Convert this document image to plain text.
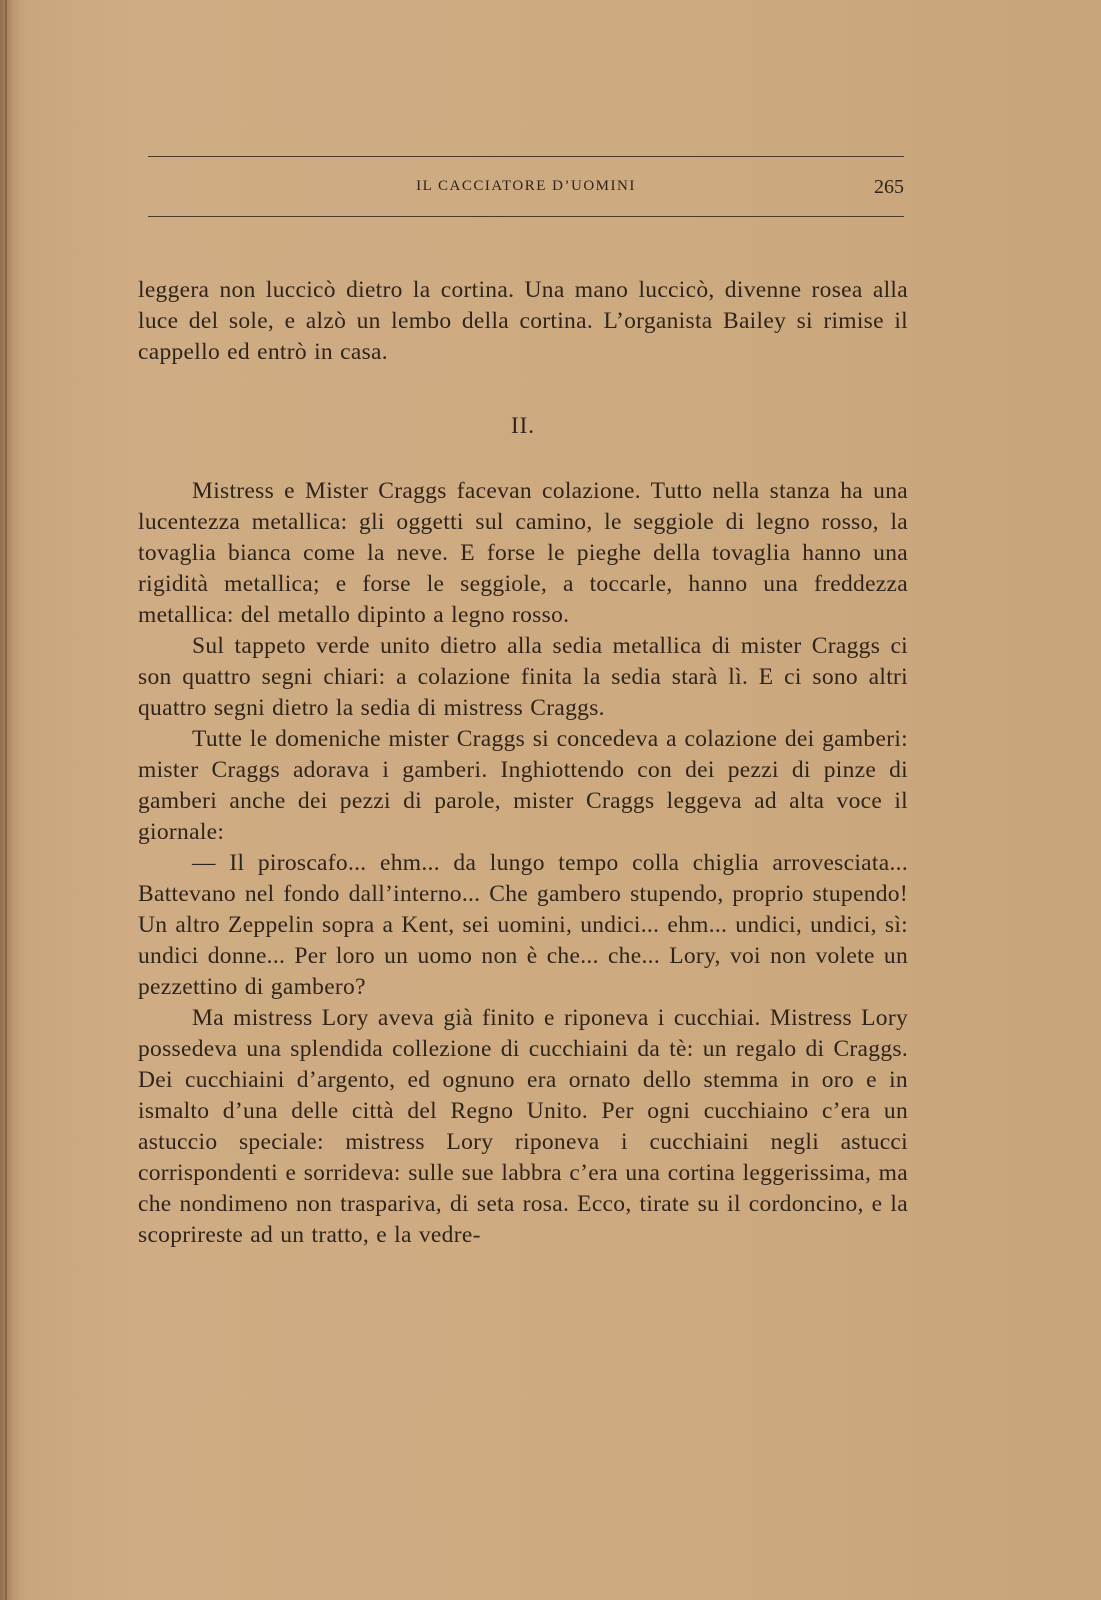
IL CACCIATORE D’UOMINI	265

leggera non luccicò dietro la cortina. Una mano luccicò, divenne rosea alla luce del sole, e alzò un lembo della cortina. L’organista Bailey si rimise il cappello ed entrò in casa.

II.

Mistress e Mister Craggs facevan colazione. Tutto nella stanza ha una lucentezza metallica: gli oggetti sul camino, le seggiole di legno rosso, la tovaglia bianca come la neve. E forse le pieghe della tovaglia hanno una rigidità metallica; e forse le seggiole, a toccarle, hanno una freddezza metallica: del metallo dipinto a legno rosso.

Sul tappeto verde unito dietro alla sedia metallica di mister Craggs ci son quattro segni chiari: a colazione finita la sedia starà lì. E ci sono altri quattro segni dietro la sedia di mistress Craggs.

Tutte le domeniche mister Craggs si concedeva a colazione dei gamberi: mister Craggs adorava i gamberi. Inghiottendo con dei pezzi di pinze di gamberi anche dei pezzi di parole, mister Craggs leggeva ad alta voce il giornale:

— Il piroscafo... ehm... da lungo tempo colla chiglia arrovesciata... Battevano nel fondo dall’interno... Che gambero stupendo, proprio stupendo! Un altro Zeppelin sopra a Kent, sei uomini, undici... ehm... undici, undici, sì: undici donne... Per loro un uomo non è che... che... Lory, voi non volete un pezzettino di gambero?

Ma mistress Lory aveva già finito e riponeva i cucchiai. Mistress Lory possedeva una splendida collezione di cucchiaini da tè: un regalo di Craggs. Dei cucchiaini d’argento, ed ognuno era ornato dello stemma in oro e in ismalto d’una delle città del Regno Unito. Per ogni cucchiaino c’era un astuccio speciale: mistress Lory riponeva i cucchiaini negli astucci corrispondenti e sorrideva: sulle sue labbra c’era una cortina leggerissima, ma che nondimeno non traspariva, di seta rosa. Ecco, tirate su il cordoncino, e la scoprireste ad un tratto, e la vedre-
